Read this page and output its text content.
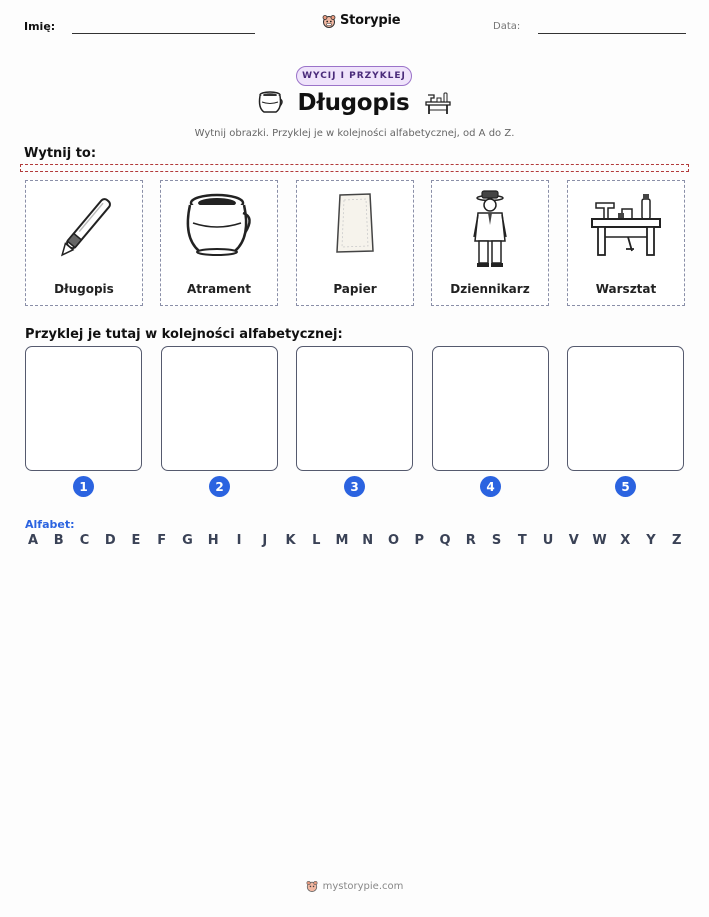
Imię:	Storypie	Data:
WYCIJ I PRZYKLEJ
Długopis
Wytnij obrazki. Przyklej je w kolejności alfabetycznej, od A do Z.
Wytnij to:
Długopis	Atrament	Papier	Dziennikarz	Warsztat
Przyklej je tutaj w kolejności alfabetycznej:
1	2	3	4	5
Alfabet:
A B C D E F G H	I	J	K L M N O P Q R S T U V W X Y Z
mystorypie.com
